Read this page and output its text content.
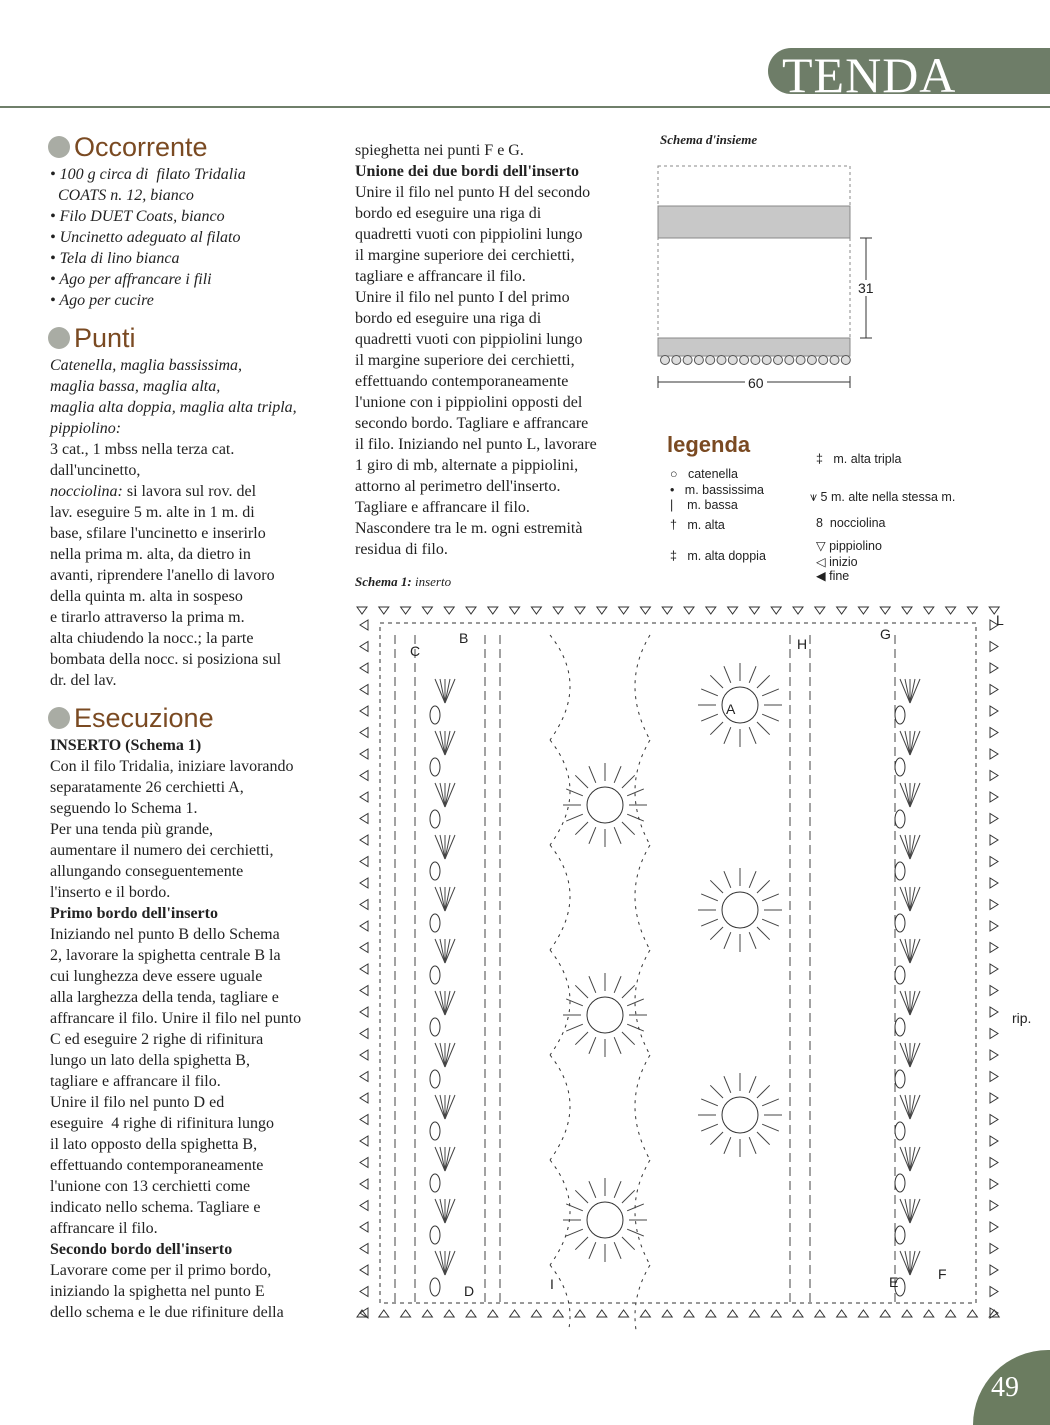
TENDA
Occorrente
• 100 g circa di  filato Tridalia
COATS n. 12, bianco
• Filo DUET Coats, bianco
• Uncinetto adeguato al filato
• Tela di lino bianca
• Ago per affrancare i fili
• Ago per cucire
Punti
Catenella, maglia bassissima,
maglia bassa, maglia alta,
maglia alta doppia, maglia alta tripla,
pippiolino:
3 cat., 1 mbss nella terza cat.
dall'uncinetto,
nocciolina: si lavora sul rov. del
lav. eseguire 5 m. alte in 1 m. di
base, sfilare l'uncinetto e inserirlo
nella prima m. alta, da dietro in
avanti, riprendere l'anello di lavoro
della quinta m. alta in sospeso
e tirarlo attraverso la prima m.
alta chiudendo la nocc.; la parte
bombata della nocc. si posiziona sul
dr. del lav.
Esecuzione

INSERTO (Schema 1)

Con il filo Tridalia, iniziare lavorando
separatamente 26 cerchietti A,
seguendo lo Schema 1.
Per una tenda più grande,
aumentare il numero dei cerchietti,
allungando conseguentemente
l'inserto e il bordo.

Primo bordo dell'inserto

Iniziando nel punto B dello Schema
2, lavorare la spighetta centrale B la
cui lunghezza deve essere uguale
alla larghezza della tenda, tagliare e
affrancare il filo. Unire il filo nel punto
C ed eseguire 2 righe di rifinitura
lungo un lato della spighetta B,
tagliare e affrancare il filo.
Unire il filo nel punto D ed
eseguire  4 righe di rifinitura lungo
il lato opposto della spighetta B,
effettuando contemporaneamente
l'unione con 13 cerchietti come
indicato nello schema. Tagliare e
affrancare il filo.

Secondo bordo dell'inserto

Lavorare come per il primo bordo,
iniziando la spighetta nel punto E
dello schema e le due rifiniture della
spieghetta nei punti F e G.

Unione dei due bordi dell'inserto

Unire il filo nel punto H del secondo
bordo ed eseguire una riga di
quadretti vuoti con pippiolini lungo
il margine superiore dei cerchietti,
tagliare e affrancare il filo.
Unire il filo nel punto I del primo
bordo ed eseguire una riga di
quadretti vuoti con pippiolini lungo
il margine superiore dei cerchietti,
effettuando contemporaneamente
l'unione con i pippiolini opposti del
secondo bordo. Tagliare e affrancare
il filo. Iniziando nel punto L, lavorare
1 giro di mb, alternate a pippiolini,
attorno al perimetro dell'inserto.
Tagliare e affrancare il filo.
Nascondere tra le m. ogni estremità
residua di filo.
Schema d'insieme
31
60
legenda
○   catenella
•   m. bassissima
|    m. bassa
†   m. alta
‡   m. alta doppia
‡   m. alta tripla
⩛ 5 m. alte nella stessa m.
8  nocciolina
▽ pippiolino
◁ inizio
◀ fine
Schema 1: inserto
A
B
C
D
E	F
G
H
I
L
rip.
49
